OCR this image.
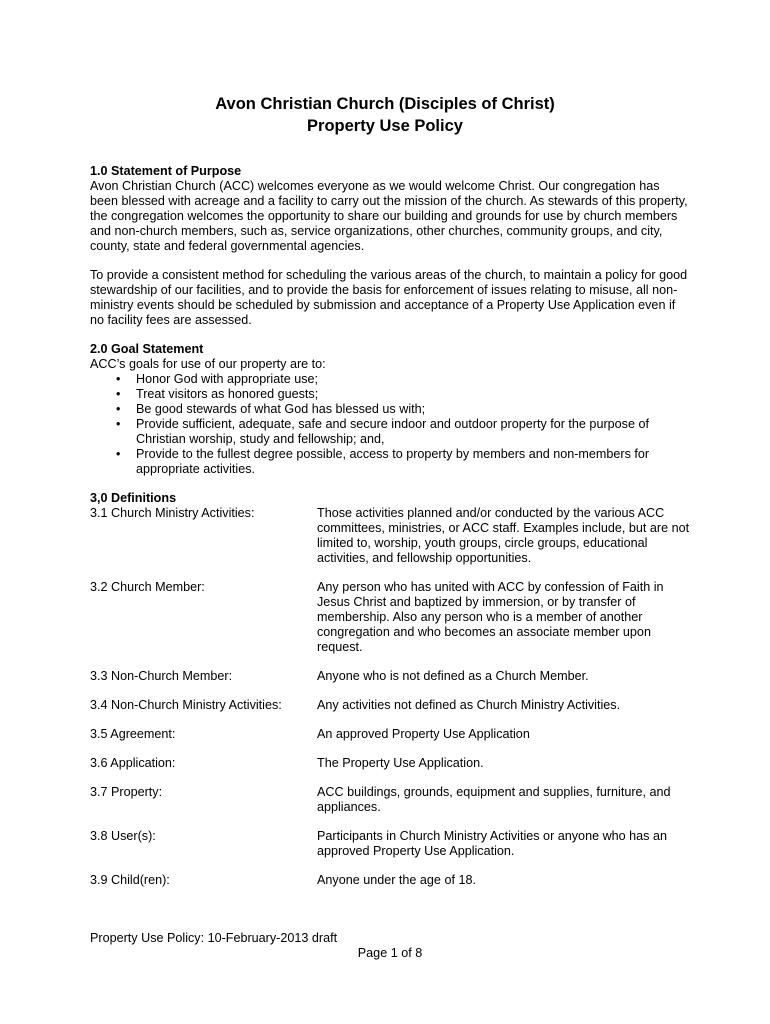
Avon Christian Church (Disciples of Christ)
Property Use Policy

1.0 Statement of Purpose

Avon Christian Church (ACC) welcomes everyone as we would welcome Christ. Our congregation has been blessed with acreage and a facility to carry out the mission of the church. As stewards of this property, the congregation welcomes the opportunity to share our building and grounds for use by church members and non-church members, such as, service organizations, other churches, community groups, and city, county, state and federal governmental agencies.

To provide a consistent method for scheduling the various areas of the church, to maintain a policy for good stewardship of our facilities, and to provide the basis for enforcement of issues relating to misuse, all non-ministry events should be scheduled by submission and acceptance of a Property Use Application even if no facility fees are assessed.

2.0 Goal Statement

ACC’s goals for use of our property are to:

• Honor God with appropriate use;
• Treat visitors as honored guests;
• Be good stewards of what God has blessed us with;
• Provide sufficient, adequate, safe and secure indoor and outdoor property for the purpose of Christian worship, study and fellowship; and,
• Provide to the fullest degree possible, access to property by members and non-members for appropriate activities.

3,0 Definitions

3.1 Church Ministry Activities:	Those activities planned and/or conducted by the various ACC committees, ministries, or ACC staff. Examples include, but are not limited to, worship, youth groups, circle groups, educational activities, and fellowship opportunities.
3.2 Church Member:	Any person who has united with ACC by confession of Faith in Jesus Christ and baptized by immersion, or by transfer of membership. Also any person who is a member of another congregation and who becomes an associate member upon request.
3.3 Non-Church Member:	Anyone who is not defined as a Church Member.
3.4 Non-Church Ministry Activities:	Any activities not defined as Church Ministry Activities.
3.5 Agreement:	An approved Property Use Application
3.6 Application:	The Property Use Application.
3.7 Property:	ACC buildings, grounds, equipment and supplies, furniture, and appliances.
3.8 User(s):	Participants in Church Ministry Activities or anyone who has an approved Property Use Application.
3.9 Child(ren):	Anyone under the age of 18.
Property Use Policy: 10-February-2013 draft
Page 1 of 8
